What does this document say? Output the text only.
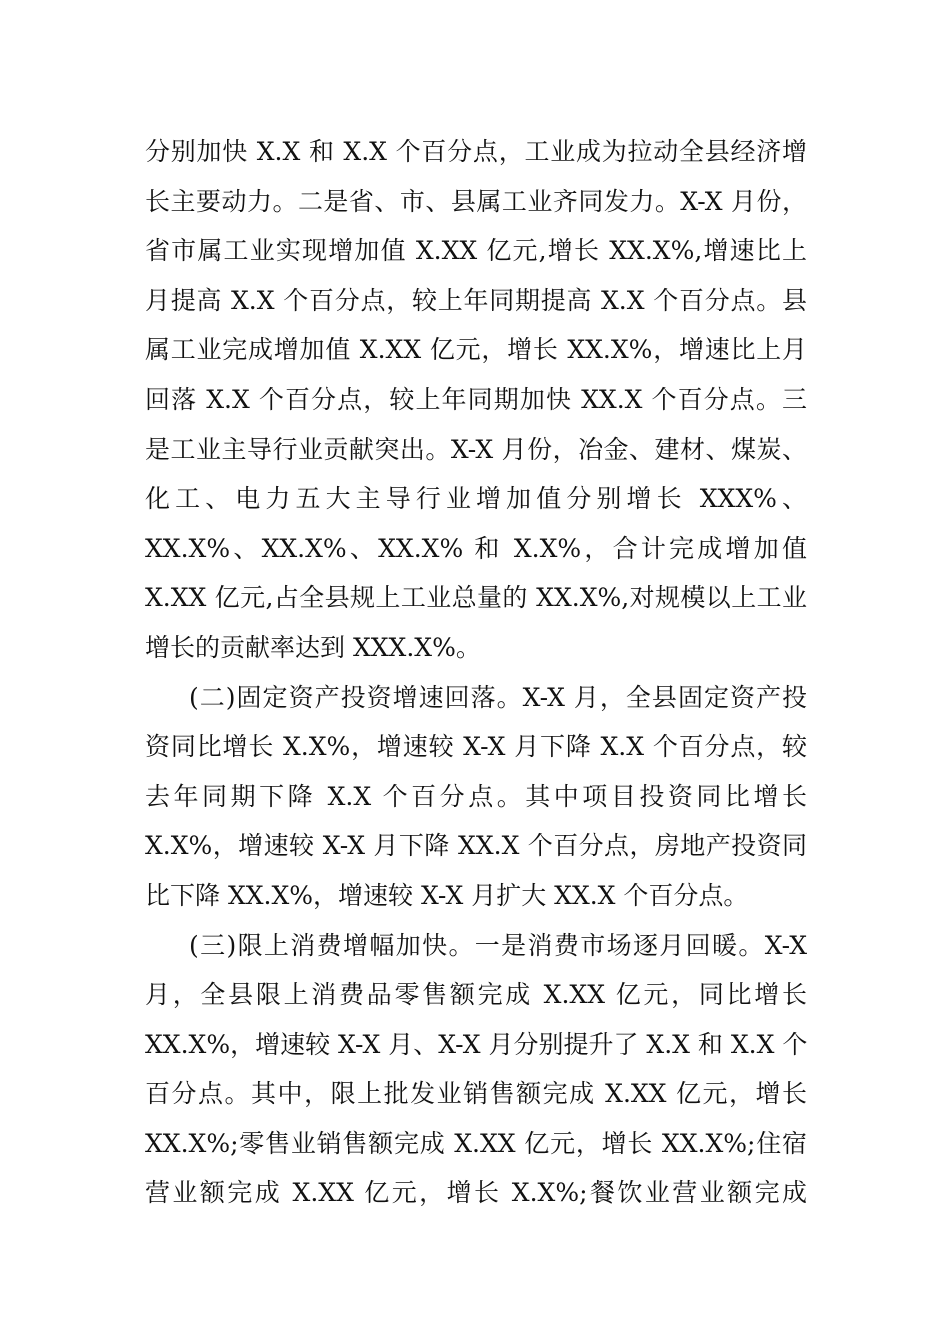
分别加快 X.X 和 X.X 个百分点，工业成为拉动全县经济增
长主要动力。二是省、市、县属工业齐同发力。X-X 月份，
省市属工业实现增加值 X.XX 亿元,增长 XX.X%,增速比上
月提高 X.X 个百分点，较上年同期提高 X.X 个百分点。县
属工业完成增加值 X.XX 亿元，增长 XX.X%，增速比上月
回落 X.X 个百分点，较上年同期加快 XX.X 个百分点。三
是工业主导行业贡献突出。X-X 月份，冶金、建材、煤炭、
化工、电力五大主导行业增加值分别增长 XXX%、
XX.X%、XX.X%、XX.X% 和 X.X%，合计完成增加值
X.XX 亿元,占全县规上工业总量的 XX.X%,对规模以上工业
增长的贡献率达到 XXX.X%。
(二)固定资产投资增速回落。X-X 月，全县固定资产投
资同比增长 X.X%，增速较 X-X 月下降 X.X 个百分点，较
去年同期下降 X.X 个百分点。其中项目投资同比增长
X.X%，增速较 X-X 月下降 XX.X 个百分点，房地产投资同
比下降 XX.X%，增速较 X-X 月扩大 XX.X 个百分点。
(三)限上消费增幅加快。一是消费市场逐月回暖。X-X
月，全县限上消费品零售额完成 X.XX 亿元，同比增长
XX.X%，增速较 X-X 月、X-X 月分别提升了 X.X 和 X.X 个
百分点。其中，限上批发业销售额完成 X.XX 亿元，增长
XX.X%;零售业销售额完成 X.XX 亿元，增长 XX.X%;住宿
营业额完成 X.XX 亿元，增长 X.X%;餐饮业营业额完成
